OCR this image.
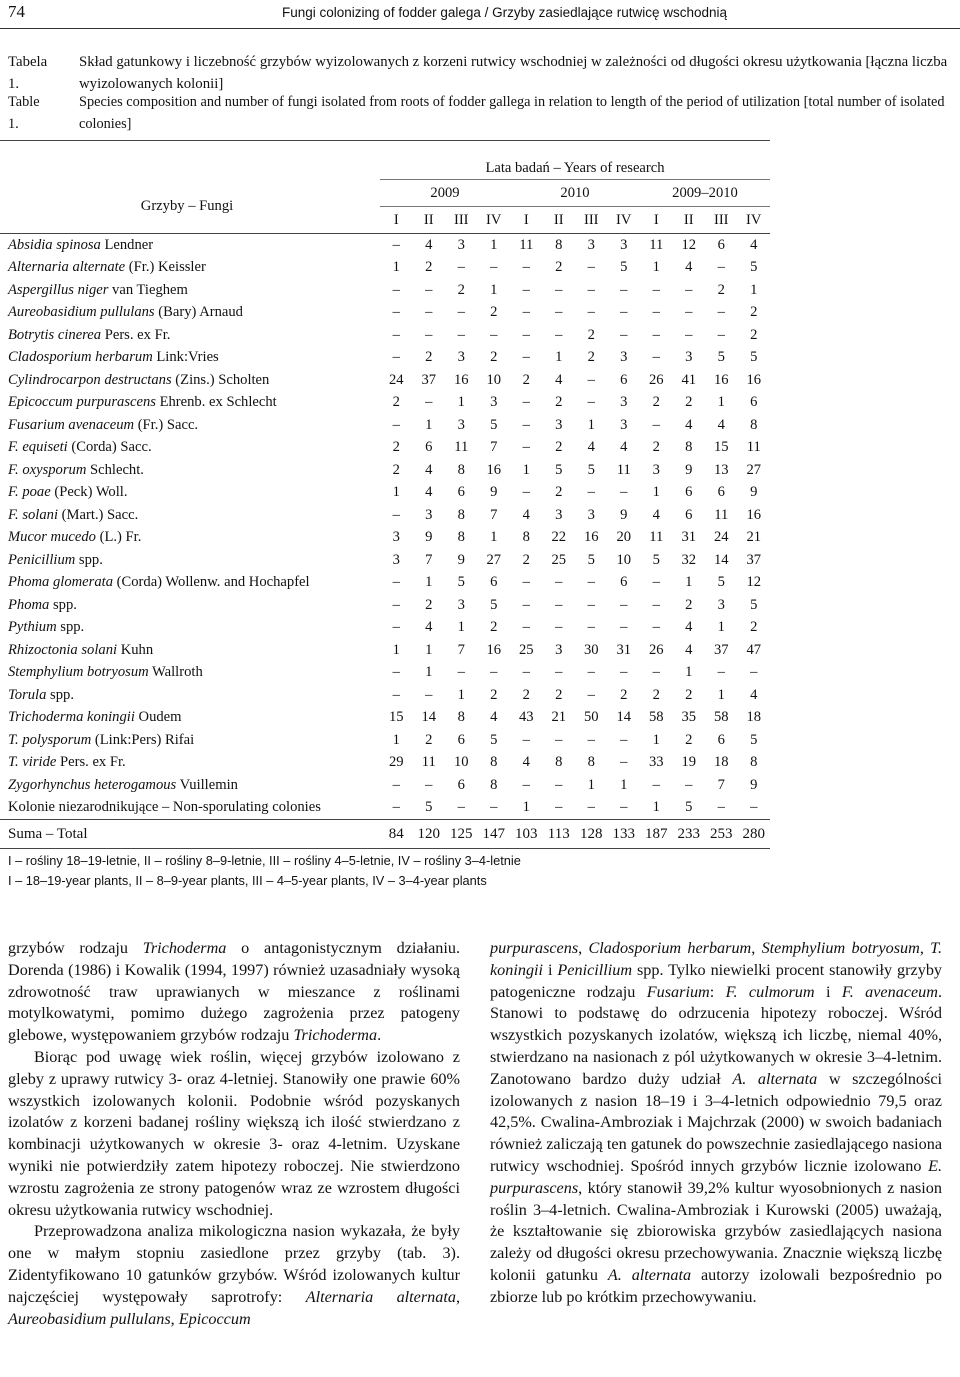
74	Fungi colonizing of fodder galega / Grzyby zasiedlające rutwicę wschodnią
Tabela 1.
Skład gatunkowy i liczebność grzybów wyizolowanych z korzeni rutwicy wschodniej w zależności od długości okresu użytkowania [łączna liczba wyizolowanych kolonii]
Table 1.
Species composition and number of fungi isolated from roots of fodder gallega in relation to length of the period of utilization [total number of isolated colonies]
	Lata badań – Years of research											
Grzyby – Fungi	2009				2010				2009–2010			
	I	II	III	IV	I	II	III	IV	I	II	III	IV
Absidia spinosa Lendner	–	4	3	1	11	8	3	3	11	12	6	4
Alternaria alternate (Fr.) Keissler	1	2	–	–	–	2	–	5	1	4	–	5
Aspergillus niger van Tieghem	–	–	2	1	–	–	–	–	–	–	2	1
Aureobasidium pullulans (Bary) Arnaud	–	–	–	2	–	–	–	–	–	–	–	2
Botrytis cinerea Pers. ex Fr.	–	–	–	–	–	–	2	–	–	–	–	2
Cladosporium herbarum Link:Vries	–	2	3	2	–	1	2	3	–	3	5	5
Cylindrocarpon destructans (Zins.) Scholten	24	37	16	10	2	4	–	6	26	41	16	16
Epicoccum purpurascens Ehrenb. ex Schlecht	2	–	1	3	–	2	–	3	2	2	1	6
Fusarium avenaceum (Fr.) Sacc.	–	1	3	5	–	3	1	3	–	4	4	8
F. equiseti (Corda) Sacc.	2	6	11	7	–	2	4	4	2	8	15	11
F. oxysporum Schlecht.	2	4	8	16	1	5	5	11	3	9	13	27
F. poae (Peck) Woll.	1	4	6	9	–	2	–	–	1	6	6	9
F. solani (Mart.) Sacc.	–	3	8	7	4	3	3	9	4	6	11	16
Mucor mucedo (L.) Fr.	3	9	8	1	8	22	16	20	11	31	24	21
Penicillium spp.	3	7	9	27	2	25	5	10	5	32	14	37
Phoma glomerata (Corda) Wollenw. and Hochapfel	–	1	5	6	–	–	–	6	–	1	5	12
Phoma spp.	–	2	3	5	–	–	–	–	–	2	3	5
Pythium spp.	–	4	1	2	–	–	–	–	–	4	1	2
Rhizoctonia solani Kuhn	1	1	7	16	25	3	30	31	26	4	37	47
Stemphylium botryosum Wallroth	–	1	–	–	–	–	–	–	–	1	–	–
Torula spp.	–	–	1	2	2	2	–	2	2	2	1	4
Trichoderma koningii Oudem	15	14	8	4	43	21	50	14	58	35	58	18
T. polysporum (Link:Pers) Rifai	1	2	6	5	–	–	–	–	1	2	6	5
T. viride Pers. ex Fr.	29	11	10	8	4	8	8	–	33	19	18	8
Zygorhynchus heterogamous Vuillemin	–	–	6	8	–	–	1	1	–	–	7	9
Kolonie niezarodnikujące – Non-sporulating colonies	–	5	–	–	1	–	–	–	1	5	–	–
Suma – Total	84	120	125	147	103	113	128	133	187	233	253	280
I – rośliny 18–19-letnie, II – rośliny 8–9-letnie, III – rośliny 4–5-letnie, IV – rośliny 3–4-letnie
I – 18–19-year plants, II – 8–9-year plants, III – 4–5-year plants, IV – 3–4-year plants

grzybów rodzaju Trichoderma o antagonistycznym działaniu. Dorenda (1986) i Kowalik (1994, 1997) również uzasadniały wysoką zdrowotność traw uprawianych w mieszance z roślinami motylkowatymi, pomimo dużego zagrożenia przez patogeny glebowe, występowaniem grzybów rodzaju Trichoderma.

Biorąc pod uwagę wiek roślin, więcej grzybów izolowano z gleby z uprawy rutwicy 3- oraz 4-letniej. Stanowiły one prawie 60% wszystkich izolowanych kolonii. Podobnie wśród pozyskanych izolatów z korzeni badanej rośliny większą ich ilość stwierdzano z kombinacji użytkowanych w okresie 3- oraz 4-letnim. Uzyskane wyniki nie potwierdziły zatem hipotezy roboczej. Nie stwierdzono wzrostu zagrożenia ze strony patogenów wraz ze wzrostem długości okresu użytkowania rutwicy wschodniej.

Przeprowadzona analiza mikologiczna nasion wykazała, że były one w małym stopniu zasiedlone przez grzyby (tab. 3). Zidentyfikowano 10 gatunków grzybów. Wśród izolowanych kultur najczęściej występowały saprotrofy: Alternaria alternata, Aureobasidium pullulans, Epicoccum

purpurascens, Cladosporium herbarum, Stemphylium botryosum, T. koningii i Penicillium spp. Tylko niewielki procent stanowiły grzyby patogeniczne rodzaju Fusarium: F. culmorum i F. avenaceum. Stanowi to podstawę do odrzucenia hipotezy roboczej. Wśród wszystkich pozyskanych izolatów, większą ich liczbę, niemal 40%, stwierdzano na nasionach z pól użytkowanych w okresie 3–4-letnim. Zanotowano bardzo duży udział A. alternata w szczególności izolowanych z nasion 18–19 i 3–4-letnich odpowiednio 79,5 oraz 42,5%. Cwalina-Ambroziak i Majchrzak (2000) w swoich badaniach również zaliczają ten gatunek do powszechnie zasiedlającego nasiona rutwicy wschodniej. Spośród innych grzybów licznie izolowano E. purpurascens, który stanowił 39,2% kultur wyosobnionych z nasion roślin 3–4-letnich. Cwalina-Ambroziak i Kurowski (2005) uważają, że kształtowanie się zbiorowiska grzybów zasiedlających nasiona zależy od długości okresu przechowywania. Znacznie większą liczbę kolonii gatunku A. alternata autorzy izolowali bezpośrednio po zbiorze lub po krótkim przechowywaniu.
